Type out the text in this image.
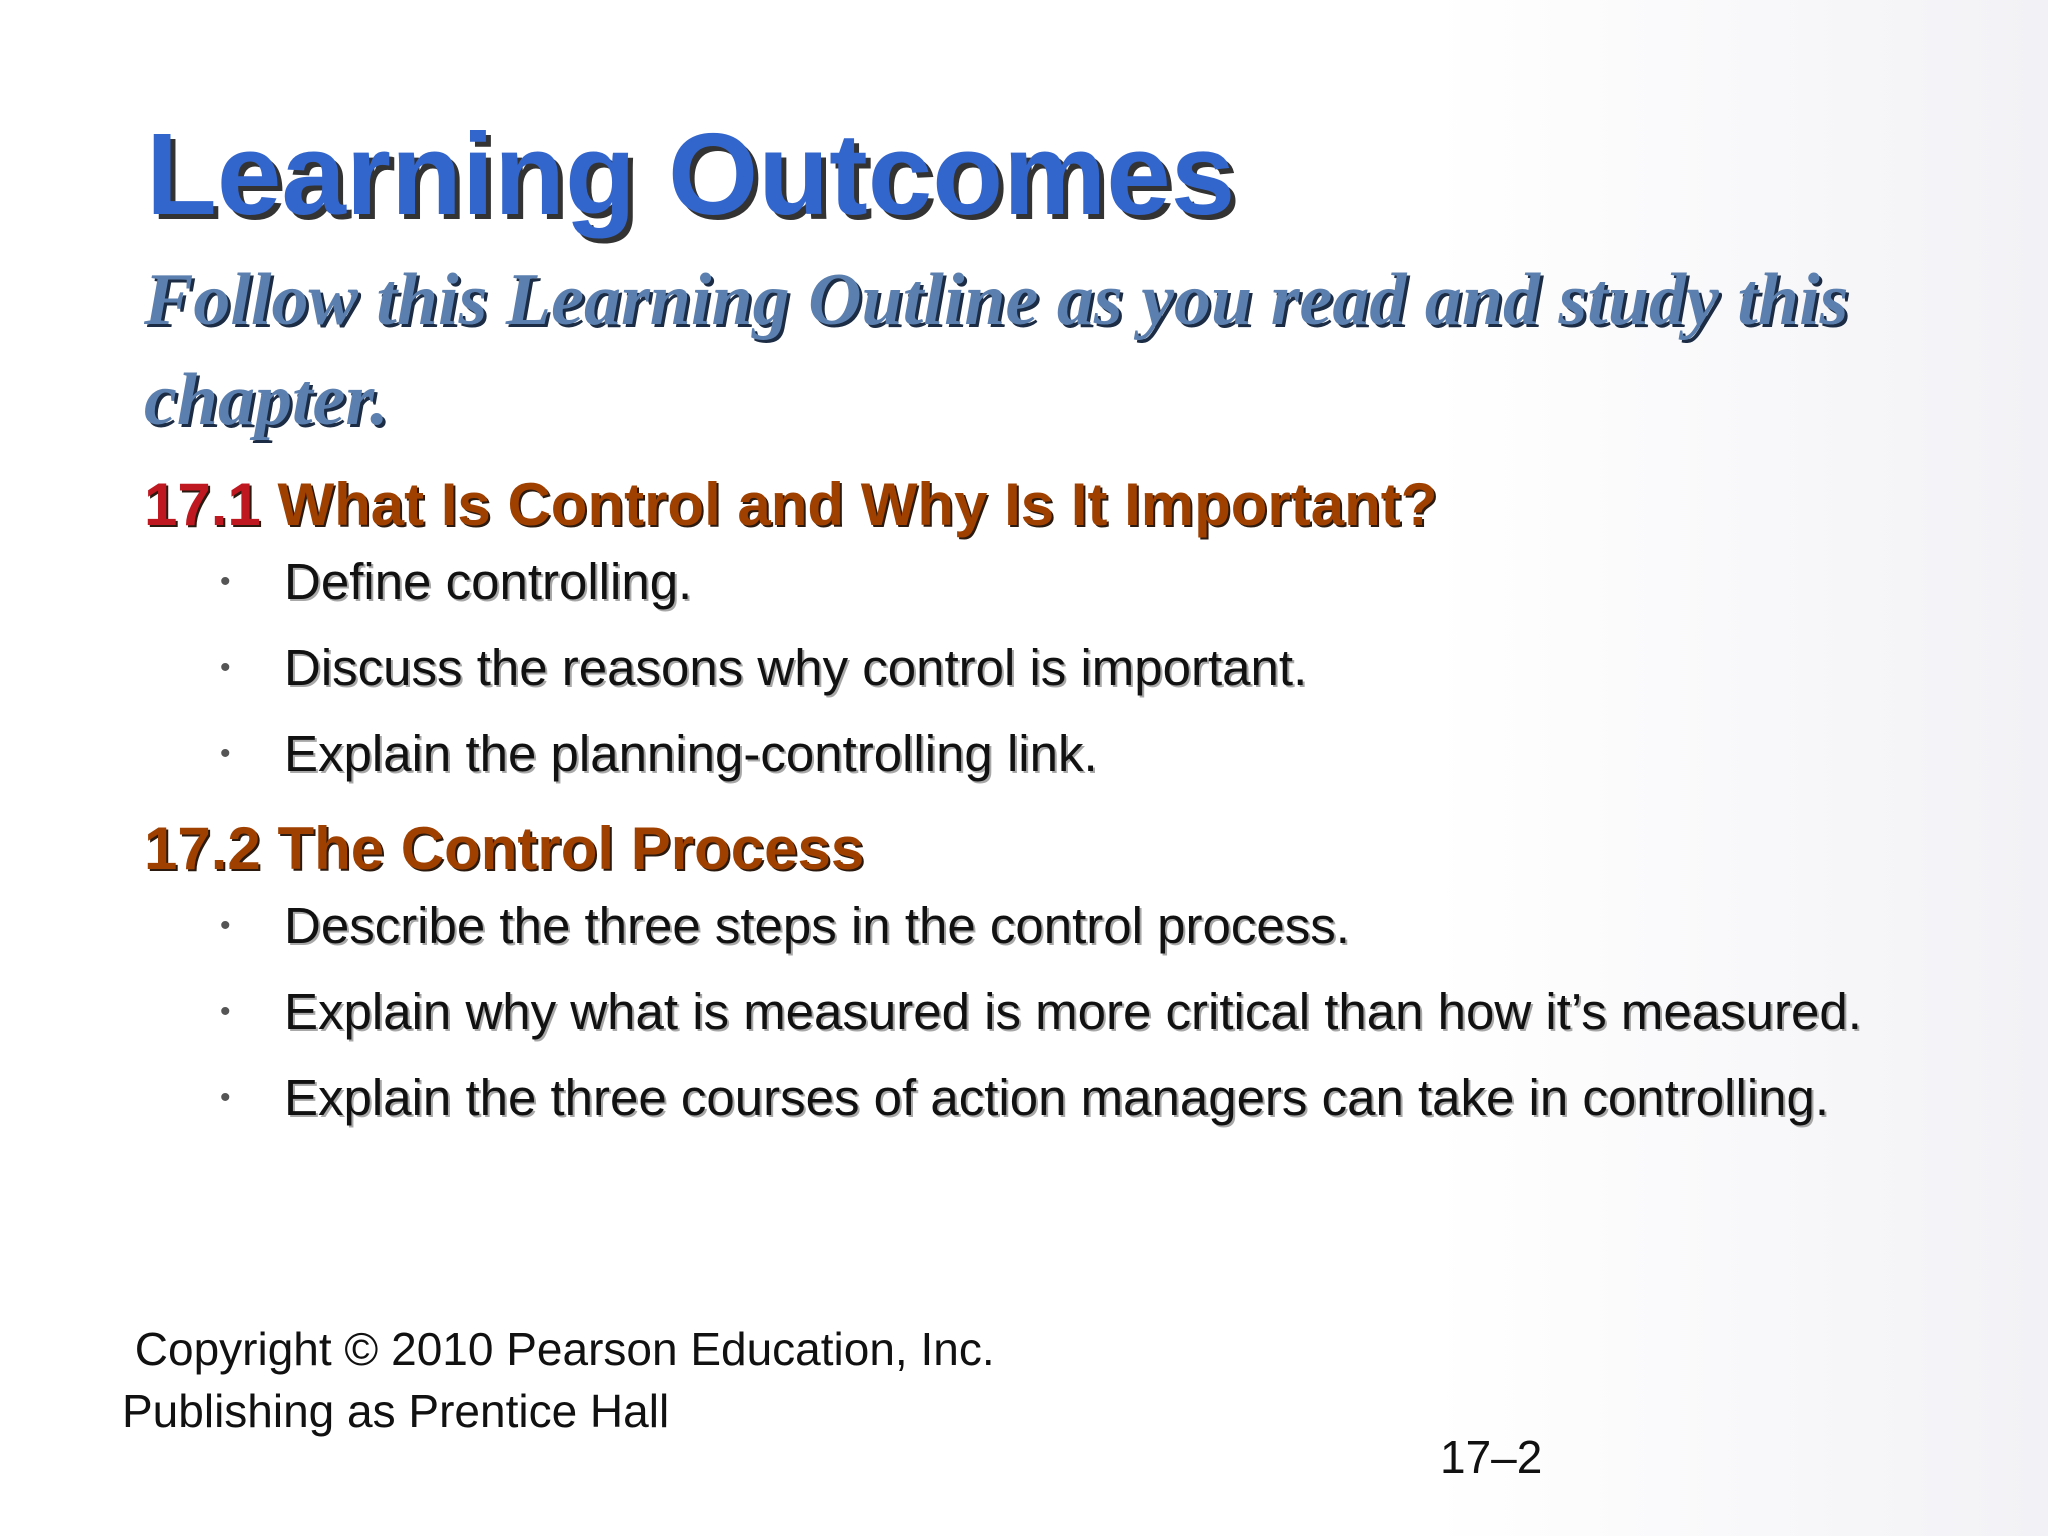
Learning Outcomes

Follow this Learning Outline as you read and study this chapter.

17.1 What Is Control and Why Is It Important?
• Define controlling.
• Discuss the reasons why control is important.
• Explain the planning-controlling link.
17.2 The Control Process
• Describe the three steps in the control process.
• Explain why what is measured is more critical than how it’s measured.
• Explain the three courses of action managers can take in controlling.
Copyright © 2010 Pearson Education, Inc.
Publishing as Prentice Hall
17–2
